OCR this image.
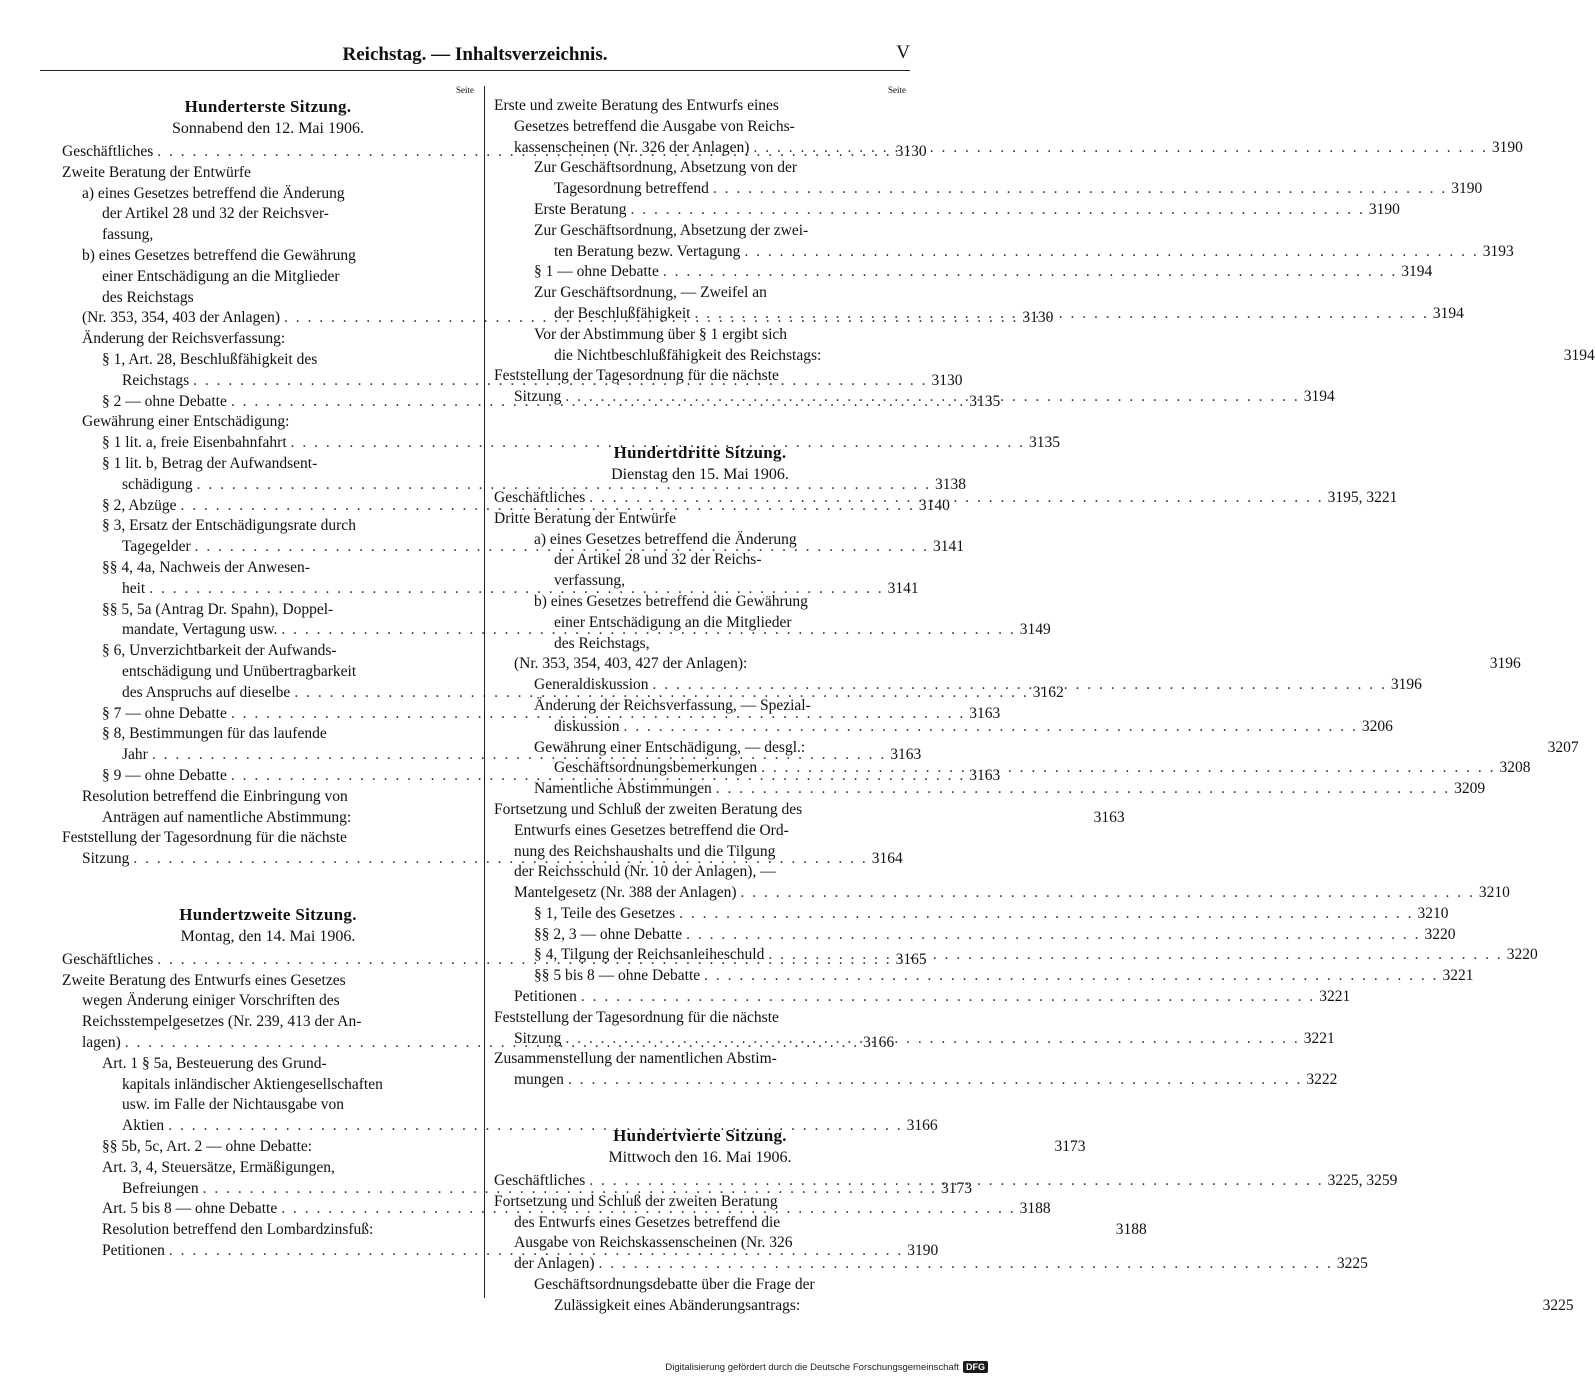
Reichstag. — Inhaltsverzeichnis.	V
Seite
Hunderterste Sitzung.
Sonnabend den 12. Mai 1906.
Geschäftliches . . .	3130
Zweite Beratung der Entwürfe
a) eines Gesetzes betreffend die Änderung
der Artikel 28 und 32 der Reichsver-
fassung,
b) eines Gesetzes betreffend die Gewährung
einer Entschädigung an die Mitglieder
des Reichstags
(Nr. 353, 354, 403 der Anlagen) . . .	3130
Änderung der Reichsverfassung:
§ 1, Art. 28, Beschlußfähigkeit des
Reichstags . . .	3130
§ 2 — ohne Debatte . . .	3135
Gewährung einer Entschädigung:
§ 1 lit. a, freie Eisenbahnfahrt . . .	3135
§ 1 lit. b, Betrag der Aufwandsent-
schädigung . . .	3138
§ 2, Abzüge . . .	3140
§ 3, Ersatz der Entschädigungsrate durch
Tagegelder . . .	3141
§§ 4, 4a, Nachweis der Anwesen-
heit . . .	3141
§§ 5, 5a (Antrag Dr. Spahn), Doppel-
mandate, Vertagung usw. . . .	3149
§ 6, Unverzichtbarkeit der Aufwands-
entschädigung und Unübertragbarkeit
des Anspruchs auf dieselbe . . .	3162
§ 7 — ohne Debatte . . .	3163
§ 8, Bestimmungen für das laufende
Jahr . . .	3163
§ 9 — ohne Debatte . . .	3163
Resolution betreffend die Einbringung von
Anträgen auf namentliche Abstimmung:	3163
Feststellung der Tagesordnung für die nächste
Sitzung . . .	3164
Hundertzweite Sitzung.
Montag, den 14. Mai 1906.
Geschäftliches . . .	3165
Zweite Beratung des Entwurfs eines Gesetzes
wegen Änderung einiger Vorschriften des
Reichsstempelgesetzes (Nr. 239, 413 der An-
lagen) . . .	3166
Art. 1 § 5a, Besteuerung des Grund-
kapitals inländischer Aktiengesellschaften
usw. im Falle der Nichtausgabe von
Aktien . . .	3166
§§ 5b, 5c, Art. 2 — ohne Debatte:	3173
Art. 3, 4, Steuersätze, Ermäßigungen,
Befreiungen . . .	3173
Art. 5 bis 8 — ohne Debatte . . .	3188
Resolution betreffend den Lombardzinsfuß:	3188
Petitionen . . .	3190
Seite
Erste und zweite Beratung des Entwurfs eines
Gesetzes betreffend die Ausgabe von Reichs-
kassenscheinen (Nr. 326 der Anlagen) . . .	3190
Zur Geschäftsordnung, Absetzung von der
Tagesordnung betreffend . . .	3190
Erste Beratung . . .	3190
Zur Geschäftsordnung, Absetzung der zwei-
ten Beratung bezw. Vertagung . . .	3193
§ 1 — ohne Debatte . . .	3194
Zur Geschäftsordnung, — Zweifel an
der Beschlußfähigkeit . . .	3194
Vor der Abstimmung über § 1 ergibt sich
die Nichtbeschlußfähigkeit des Reichstags:	3194
Feststellung der Tagesordnung für die nächste
Sitzung . . .	3194
Hundertdritte Sitzung.
Dienstag den 15. Mai 1906.
Geschäftliches . . .	3195, 3221
Dritte Beratung der Entwürfe
a) eines Gesetzes betreffend die Änderung
der Artikel 28 und 32 der Reichs-
verfassung,
b) eines Gesetzes betreffend die Gewährung
einer Entschädigung an die Mitglieder
des Reichstags,
(Nr. 353, 354, 403, 427 der Anlagen):	3196
Generaldiskussion . . .	3196
Änderung der Reichsverfassung, — Spezial-
diskussion . . .	3206
Gewährung einer Entschädigung, — desgl.:	3207
Geschäftsordnungsbemerkungen . . .	3208
Namentliche Abstimmungen . . .	3209
Fortsetzung und Schluß der zweiten Beratung des
Entwurfs eines Gesetzes betreffend die Ord-
nung des Reichshaushalts und die Tilgung
der Reichsschuld (Nr. 10 der Anlagen), —
Mantelgesetz (Nr. 388 der Anlagen) . . .	3210
§ 1, Teile des Gesetzes . . .	3210
§§ 2, 3 — ohne Debatte . . .	3220
§ 4, Tilgung der Reichsanleiheschuld . . .	3220
§§ 5 bis 8 — ohne Debatte . . .	3221
Petitionen . . .	3221
Feststellung der Tagesordnung für die nächste
Sitzung . . .	3221
Zusammenstellung der namentlichen Abstim-
mungen . . .	3222
Hundertvierte Sitzung.
Mittwoch den 16. Mai 1906.
Geschäftliches . . .	3225, 3259
Fortsetzung und Schluß der zweiten Beratung
des Entwurfs eines Gesetzes betreffend die
Ausgabe von Reichskassenscheinen (Nr. 326
der Anlagen) . . .	3225
Geschäftsordnungsdebatte über die Frage der
Zulässigkeit eines Abänderungsantrags:	3225
Digitalisierung gefördert durch die Deutsche Forschungsgemeinschaft DFG
